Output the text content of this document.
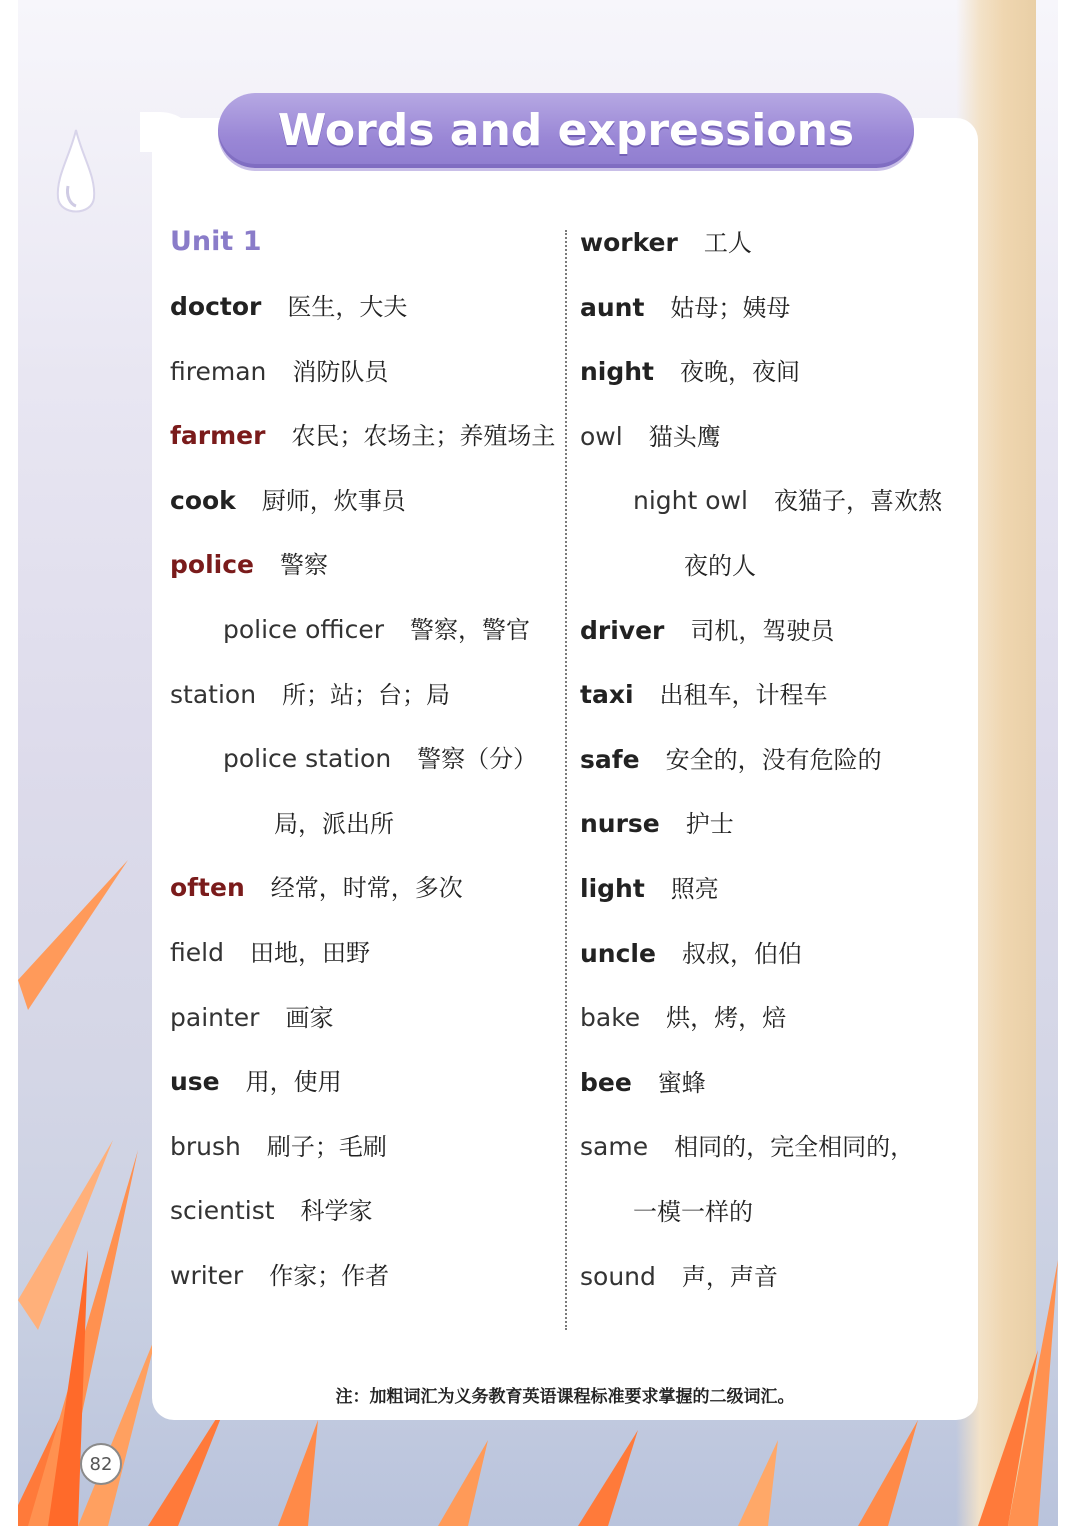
Words and expressions
Unit 1
doctor 医生，大夫
fireman 消防队员
farmer 农民；农场主；养殖场主
cook 厨师，炊事员
police 警察
police officer 警察，警官
station 所；站；台；局
police station 警察（分）
局，派出所
often 经常，时常，多次
field 田地，田野
painter 画家
use 用，使用
brush 刷子；毛刷
scientist 科学家
writer 作家；作者
worker 工人
aunt 姑母；姨母
night 夜晚，夜间
owl 猫头鹰
night owl 夜猫子，喜欢熬
夜的人
driver 司机，驾驶员
taxi 出租车，计程车
safe 安全的，没有危险的
nurse 护士
light 照亮
uncle 叔叔，伯伯
bake 烘，烤，焙
bee 蜜蜂
same 相同的，完全相同的，
一模一样的
sound 声，声音
注：加粗词汇为义务教育英语课程标准要求掌握的二级词汇。
82
